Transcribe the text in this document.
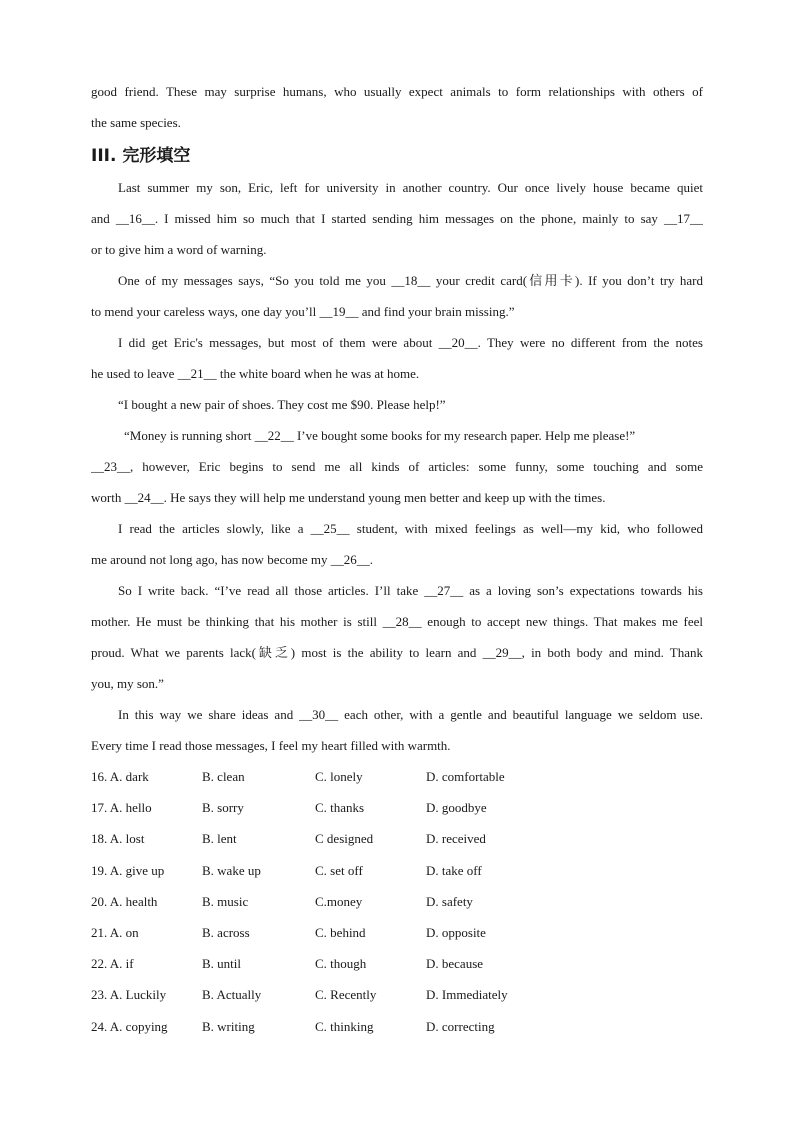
good friend. These may surprise humans, who usually expect animals to form relationships with others of
the same species.
III. 完形填空
Last summer my son, Eric, left for university in another country. Our once lively house became quiet
and __16__. I missed him so much that I started sending him messages on the phone, mainly to say __17__
or to give him a word of warning.
One of my messages says, “So you told me you __18__ your credit card(信用卡). If you don’t try hard
to mend your careless ways, one day you’ll __19__ and find your brain missing.”
I did get Eric's messages, but most of them were about __20__. They were no different from the notes
he used to leave __21__ the white board when he was at home.
“I bought a new pair of shoes. They cost me $90. Please help!”
“Money is running short __22__ I’ve bought some books for my research paper. Help me please!”
__23__, however, Eric begins to send me all kinds of articles: some funny, some touching and some
worth __24__. He says they will help me understand young men better and keep up with the times.
I read the articles slowly, like a __25__ student, with mixed feelings as well—my kid, who followed
me around not long ago, has now become my __26__.
So I write back. “I’ve read all those articles. I’ll take __27__ as a loving son’s expectations towards his
mother. He must be thinking that his mother is still __28__ enough to accept new things. That makes me feel
proud. What we parents lack(缺乏) most is the ability to learn and __29__, in both body and mind. Thank
you, my son.”
In this way we share ideas and __30__ each other, with a gentle and beautiful language we seldom use.
Every time I read those messages, I feel my heart filled with warmth.
16. A. dark	B. clean	C. lonely	D. comfortable
17. A. hello	B. sorry	C. thanks	D. goodbye
18. A. lost	B. lent	C designed	D. received
19. A. give up	B. wake up	C. set off	D. take off
20. A. health	B. music	C.money	D. safety
21. A. on	B. across	C. behind	D. opposite
22. A. if	B. until	C. though	D. because
23. A. Luckily	B. Actually	C. Recently	D. Immediately
24. A. copying	B. writing	C. thinking	D. correcting
